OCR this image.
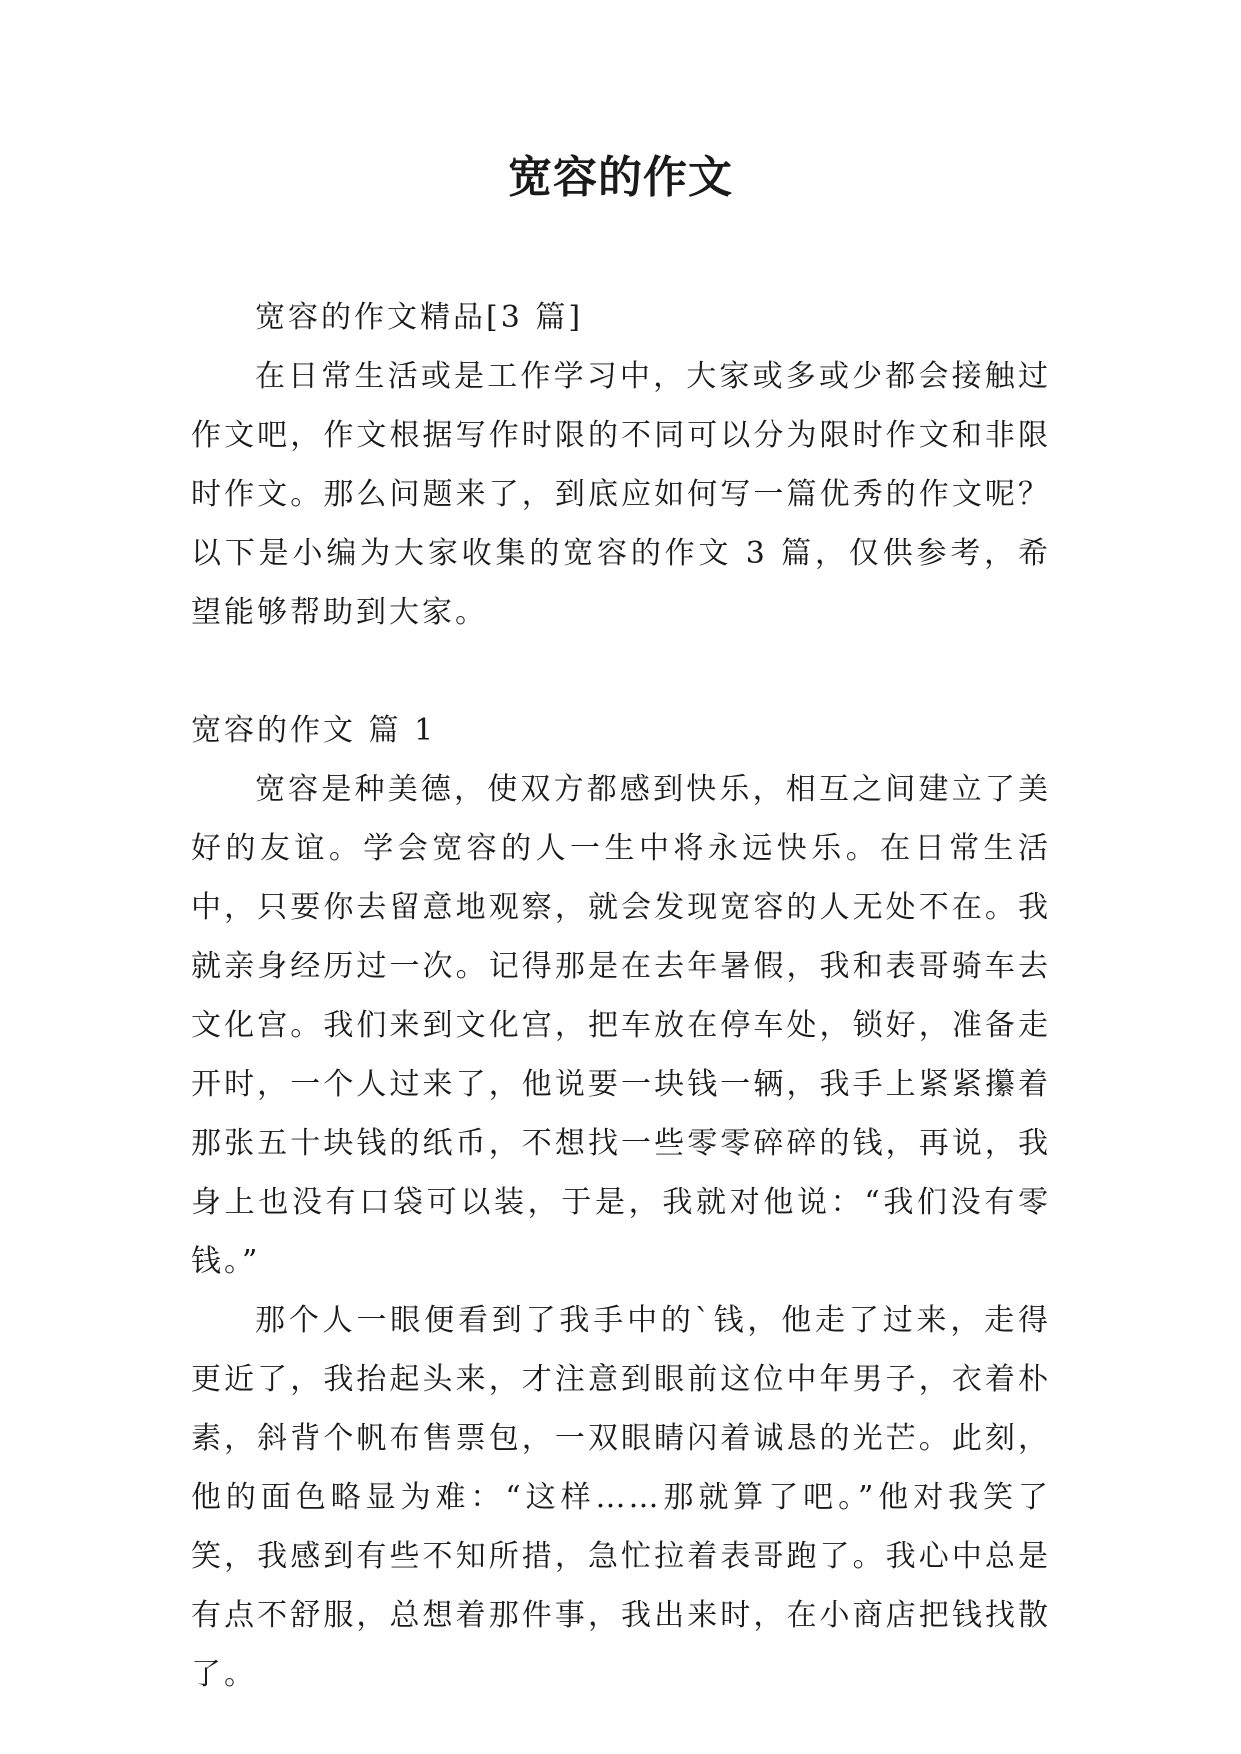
宽容的作文

宽容的作文精品[3 篇]

在日常生活或是工作学习中，大家或多或少都会接触过作文吧，作文根据写作时限的不同可以分为限时作文和非限时作文。那么问题来了，到底应如何写一篇优秀的作文呢？以下是小编为大家收集的宽容的作文 3 篇，仅供参考，希望能够帮助到大家。

宽容的作文 篇 1

宽容是种美德，使双方都感到快乐，相互之间建立了美好的友谊。学会宽容的人一生中将永远快乐。在日常生活中，只要你去留意地观察，就会发现宽容的人无处不在。我就亲身经历过一次。记得那是在去年暑假，我和表哥骑车去文化宫。我们来到文化宫，把车放在停车处，锁好，准备走开时，一个人过来了，他说要一块钱一辆，我手上紧紧攥着那张五十块钱的纸币，不想找一些零零碎碎的钱，再说，我身上也没有口袋可以装，于是，我就对他说：“我们没有零钱。”

那个人一眼便看到了我手中的`钱，他走了过来，走得更近了，我抬起头来，才注意到眼前这位中年男子，衣着朴素，斜背个帆布售票包，一双眼睛闪着诚恳的光芒。此刻，他的面色略显为难：“这样……那就算了吧。”他对我笑了笑，我感到有些不知所措，急忙拉着表哥跑了。我心中总是有点不舒服，总想着那件事，我出来时，在小商店把钱找散了。
